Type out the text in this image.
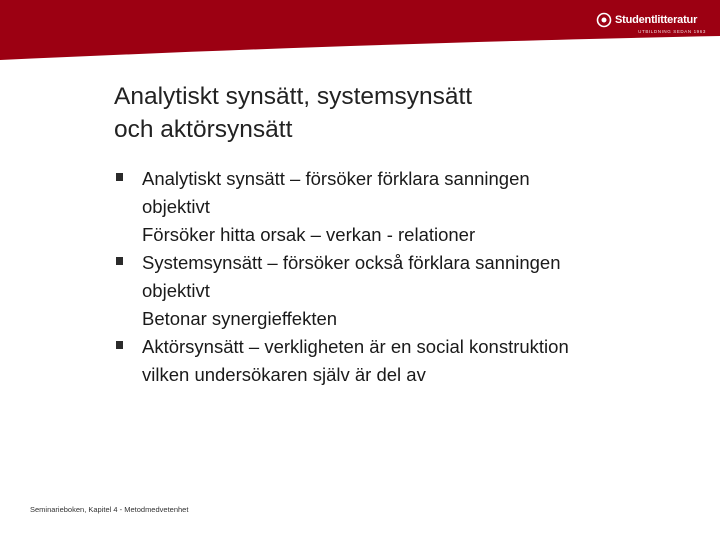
Studentlitteratur
UTBILDNING SEDAN 1963
Analytiskt synsätt, systemsynsätt
och aktörsynsätt
Analytiskt synsätt – försöker förklara sanningen
objektivt
Försöker hitta orsak – verkan - relationer
Systemsynsätt – försöker också förklara sanningen
objektivt
Betonar synergieffekten
Aktörsynsätt – verkligheten är en social konstruktion
vilken undersökaren själv är del av
Seminarieboken, Kapitel 4 - Metodmedvetenhet
